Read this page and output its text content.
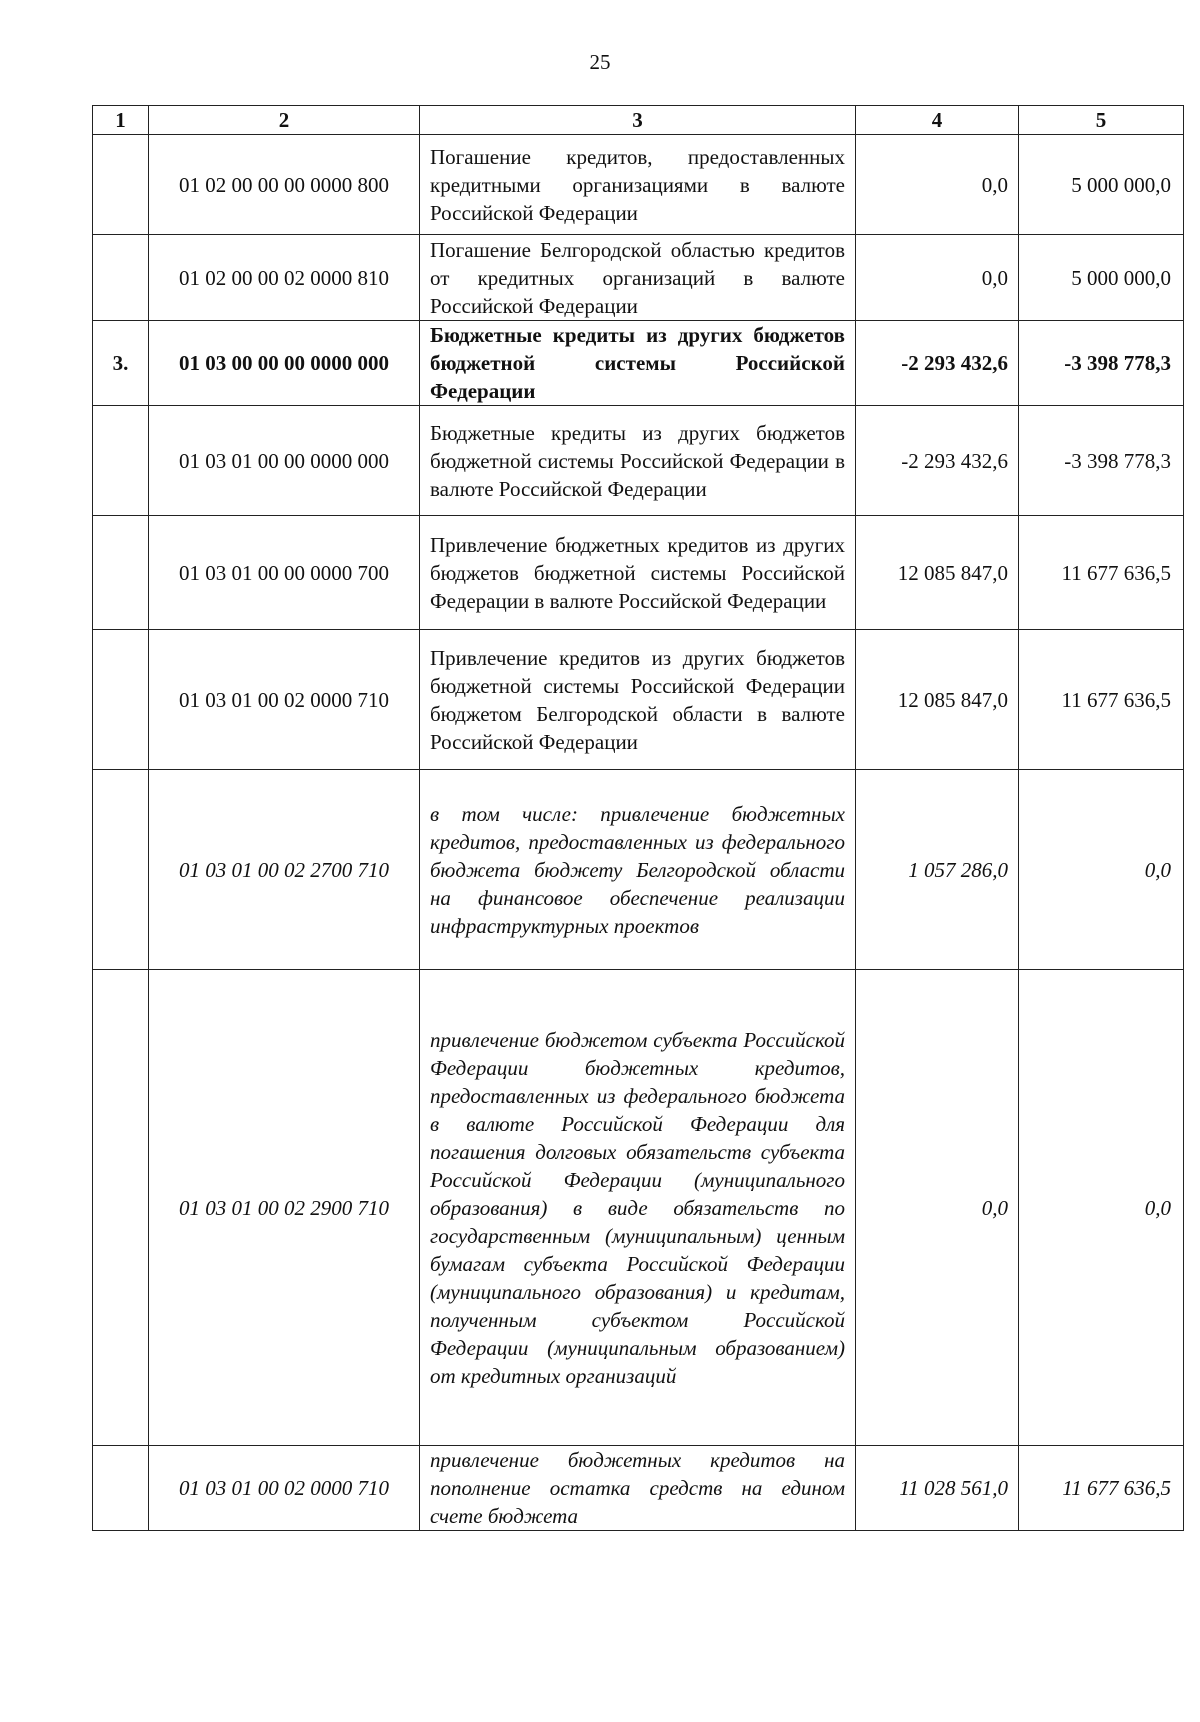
25
1	2	3	4	5
	01 02 00 00 00 0000 800	Погашение кредитов, предоставленных кредитными организациями в валюте Российской Федерации	0,0	5 000 000,0
	01 02 00 00 02 0000 810	Погашение Белгородской областью кредитов от кредитных организаций в валюте Российской Федерации	0,0	5 000 000,0
3.	01 03 00 00 00 0000 000	Бюджетные кредиты из других бюджетов бюджетной системы Российской Федерации	-2 293 432,6	-3 398 778,3
	01 03 01 00 00 0000 000	Бюджетные кредиты из других бюджетов бюджетной системы Российской Федерации в валюте Российской Федерации	-2 293 432,6	-3 398 778,3
	01 03 01 00 00 0000 700	Привлечение бюджетных кредитов из других бюджетов бюджетной системы Российской Федерации в валюте Российской Федерации	12 085 847,0	11 677 636,5
	01 03 01 00 02 0000 710	Привлечение кредитов из других бюджетов бюджетной системы Российской Федерации бюджетом Белгородской области в валюте Российской Федерации	12 085 847,0	11 677 636,5
	01 03 01 00 02 2700 710	в том числе: привлечение бюджетных кредитов, предоставленных из федерального бюджета бюджету Белгородской области на финансовое обеспечение реализации инфраструктурных проектов	1 057 286,0	0,0
	01 03 01 00 02 2900 710	привлечение бюджетом субъекта Российской Федерации бюджетных кредитов, предоставленных из федерального бюджета в валюте Российской Федерации для погашения долговых обязательств субъекта Российской Федерации (муниципального образования) в виде обязательств по государственным (муниципальным) ценным бумагам субъекта Российской Федерации (муниципального образования) и кредитам, полученным субъектом Российской Федерации (муниципальным образованием) от кредитных организаций	0,0	0,0
	01 03 01 00 02 0000 710	привлечение бюджетных кредитов на пополнение остатка средств на едином счете бюджета	11 028 561,0	11 677 636,5
